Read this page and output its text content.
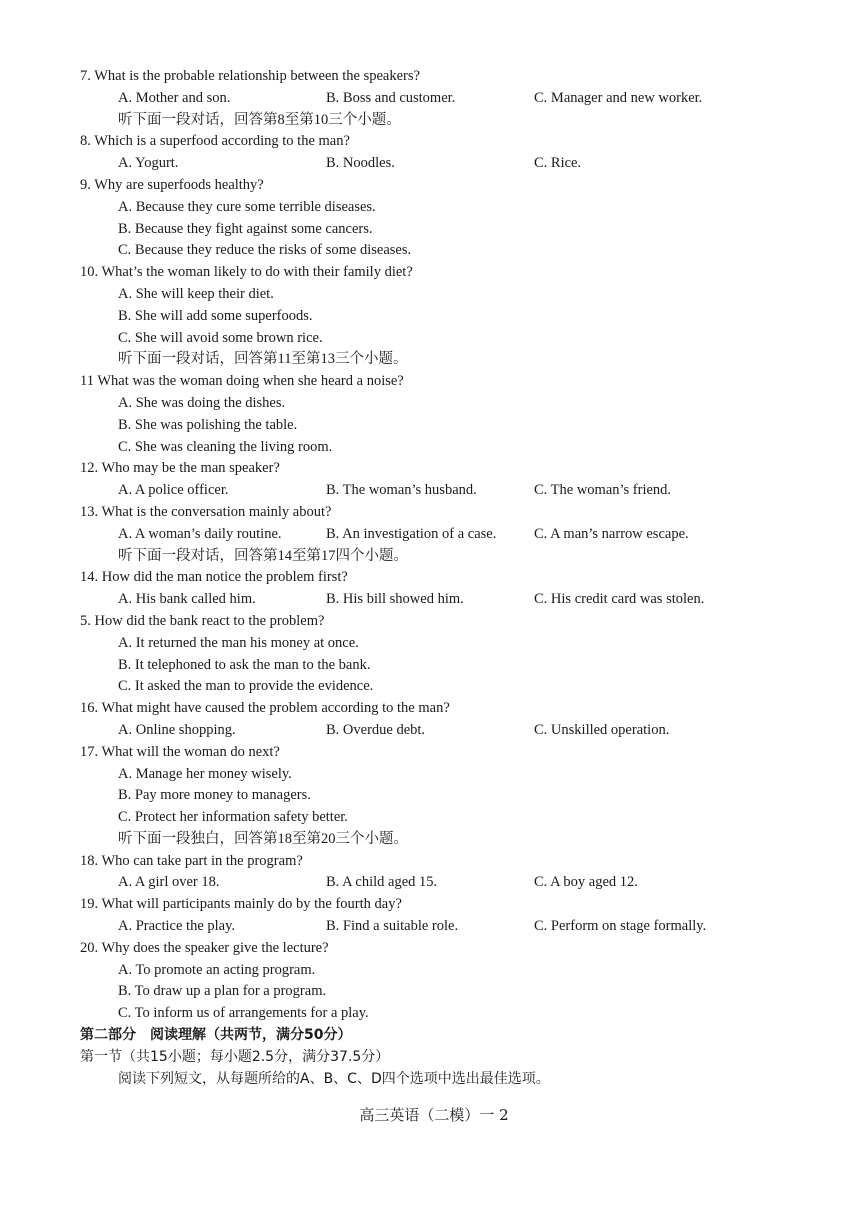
7. What is the probable relationship between the speakers?
A. Mother and son.	B. Boss and customer.	C. Manager and new worker.
听下面一段对话，回答第8至第10三个小题。
8. Which is a superfood according to the man?
A. Yogurt.	B. Noodles.	C. Rice.
9. Why are superfoods healthy?
A. Because they cure some terrible diseases.
B. Because they fight against some cancers.
C. Because they reduce the risks of some diseases.
10. What’s the woman likely to do with their family diet?
A. She will keep their diet.
B. She will add some superfoods.
C. She will avoid some brown rice.
听下面一段对话，回答第11至第13三个小题。
11 What was the woman doing when she heard a noise?
A. She was doing the dishes.
B. She was polishing the table.
C. She was cleaning the living room.
12. Who may be the man speaker?
A. A police officer.	B. The woman’s husband.	C. The woman’s friend.
13. What is the conversation mainly about?
A. A woman’s daily routine.	B. An investigation of a case.	C. A man’s narrow escape.
听下面一段对话，回答第14至第17四个小题。
14. How did the man notice the problem first?
A. His bank called him.	B. His bill showed him.	C. His credit card was stolen.
5. How did the bank react to the problem?
A. It returned the man his money at once.
B. It telephoned to ask the man to the bank.
C. It asked the man to provide the evidence.
16. What might have caused the problem according to the man?
A. Online shopping.	B. Overdue debt.	C. Unskilled operation.
17. What will the woman do next?
A. Manage her money wisely.
B. Pay more money to managers.
C. Protect her information safety better.
听下面一段独白，回答第18至第20三个小题。
18. Who can take part in the program?
A. A girl over 18.	B. A child aged 15.	C. A boy aged 12.
19. What will participants mainly do by the fourth day?
A. Practice the play.	B. Find a suitable role.	C. Perform on stage formally.
20. Why does the speaker give the lecture?
A. To promote an acting program.
B. To draw up a plan for a program.
C. To inform us of arrangements for a play.
第二部分　阅读理解（共两节，满分50分）
第一节（共15小题；每小题2.5分，满分37.5分）
阅读下列短文，从每题所给的A、B、C、D四个选项中选出最佳选项。
高三英语（二模）一 2
